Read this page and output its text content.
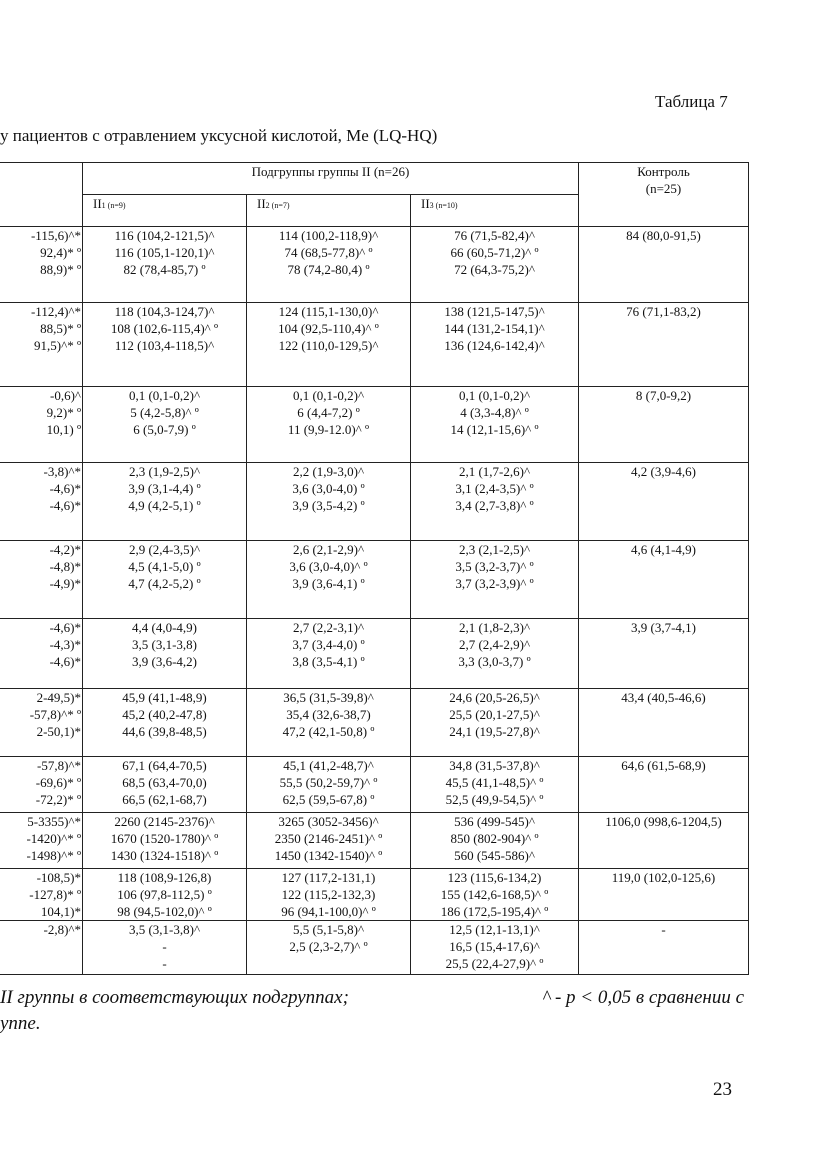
Таблица 7
у пациентов с отравлением уксусной кислотой, Me (LQ-HQ)

	Подгруппы группы II (n=26)			Контроль
(n=25)

	II1 (n=9)	II2 (n=7)	II3 (n=10)	

-115,6)^*
92,4)* º
88,9)* º	116 (104,2-121,5)^
116 (105,1-120,1)^
82 (78,4-85,7) º	114 (100,2-118,9)^
74 (68,5-77,8)^ º
78 (74,2-80,4) º	76 (71,5-82,4)^
66 (60,5-71,2)^ º
72 (64,3-75,2)^	84 (80,0-91,5)

-112,4)^*
88,5)* º
91,5)^* º	118 (104,3-124,7)^
108 (102,6-115,4)^ º
112 (103,4-118,5)^	124 (115,1-130,0)^
104 (92,5-110,4)^ º
122 (110,0-129,5)^	138 (121,5-147,5)^
144 (131,2-154,1)^
136 (124,6-142,4)^	76 (71,1-83,2)

-0,6)^
9,2)* º
10,1) º	0,1 (0,1-0,2)^
5 (4,2-5,8)^ º
6 (5,0-7,9) º	0,1 (0,1-0,2)^
6 (4,4-7,2) º
11 (9,9-12.0)^ º	0,1 (0,1-0,2)^
4 (3,3-4,8)^ º
14 (12,1-15,6)^ º	8 (7,0-9,2)

-3,8)^*
-4,6)*
-4,6)*	2,3 (1,9-2,5)^
3,9 (3,1-4,4) º
4,9 (4,2-5,1) º	2,2 (1,9-3,0)^
3,6 (3,0-4,0) º
3,9 (3,5-4,2) º	2,1 (1,7-2,6)^
3,1 (2,4-3,5)^ º
3,4 (2,7-3,8)^ º	4,2 (3,9-4,6)

-4,2)*
-4,8)*
-4,9)*	2,9 (2,4-3,5)^
4,5 (4,1-5,0) º
4,7 (4,2-5,2) º	2,6 (2,1-2,9)^
3,6 (3,0-4,0)^ º
3,9 (3,6-4,1) º	2,3 (2,1-2,5)^
3,5 (3,2-3,7)^ º
3,7 (3,2-3,9)^ º	4,6 (4,1-4,9)

-4,6)*
-4,3)*
-4,6)*	4,4 (4,0-4,9)
3,5 (3,1-3,8)
3,9 (3,6-4,2)	2,7 (2,2-3,1)^
3,7 (3,4-4,0) º
3,8 (3,5-4,1) º	2,1 (1,8-2,3)^
2,7 (2,4-2,9)^
3,3 (3,0-3,7) º	3,9 (3,7-4,1)

2-49,5)*
-57,8)^* º
2-50,1)*	45,9 (41,1-48,9)
45,2 (40,2-47,8)
44,6 (39,8-48,5)	36,5 (31,5-39,8)^
35,4 (32,6-38,7)
47,2 (42,1-50,8) º	24,6 (20,5-26,5)^
25,5 (20,1-27,5)^
24,1 (19,5-27,8)^	43,4 (40,5-46,6)

-57,8)^*
-69,6)* º
-72,2)* º	67,1 (64,4-70,5)
68,5 (63,4-70,0)
66,5 (62,1-68,7)	45,1 (41,2-48,7)^
55,5 (50,2-59,7)^ º
62,5 (59,5-67,8) º	34,8 (31,5-37,8)^
45,5 (41,1-48,5)^ º
52,5 (49,9-54,5)^ º	64,6 (61,5-68,9)

5-3355)^*
-1420)^* º
-1498)^* º	2260 (2145-2376)^
1670 (1520-1780)^ º
1430 (1324-1518)^ º	3265 (3052-3456)^
2350 (2146-2451)^ º
1450 (1342-1540)^ º	536 (499-545)^
850 (802-904)^ º
560 (545-586)^	1106,0 (998,6-1204,5)

-108,5)*
-127,8)* º
104,1)*	118 (108,9-126,8)
106 (97,8-112,5) º
98 (94,5-102,0)^ º	127 (117,2-131,1)
122 (115,2-132,3)
96 (94,1-100,0)^ º	123 (115,6-134,2)
155 (142,6-168,5)^ º
186 (172,5-195,4)^ º	119,0 (102,0-125,6)

-2,8)^*	3,5 (3,1-3,8)^
-
-	5,5 (5,1-5,8)^
2,5 (2,3-2,7)^ º	12,5 (12,1-13,1)^
16,5 (15,4-17,6)^
25,5 (22,4-27,9)^ º	-
II группы в соответствующих подгруппах;	^ - р < 0,05 в сравнении с
уппе.
23
